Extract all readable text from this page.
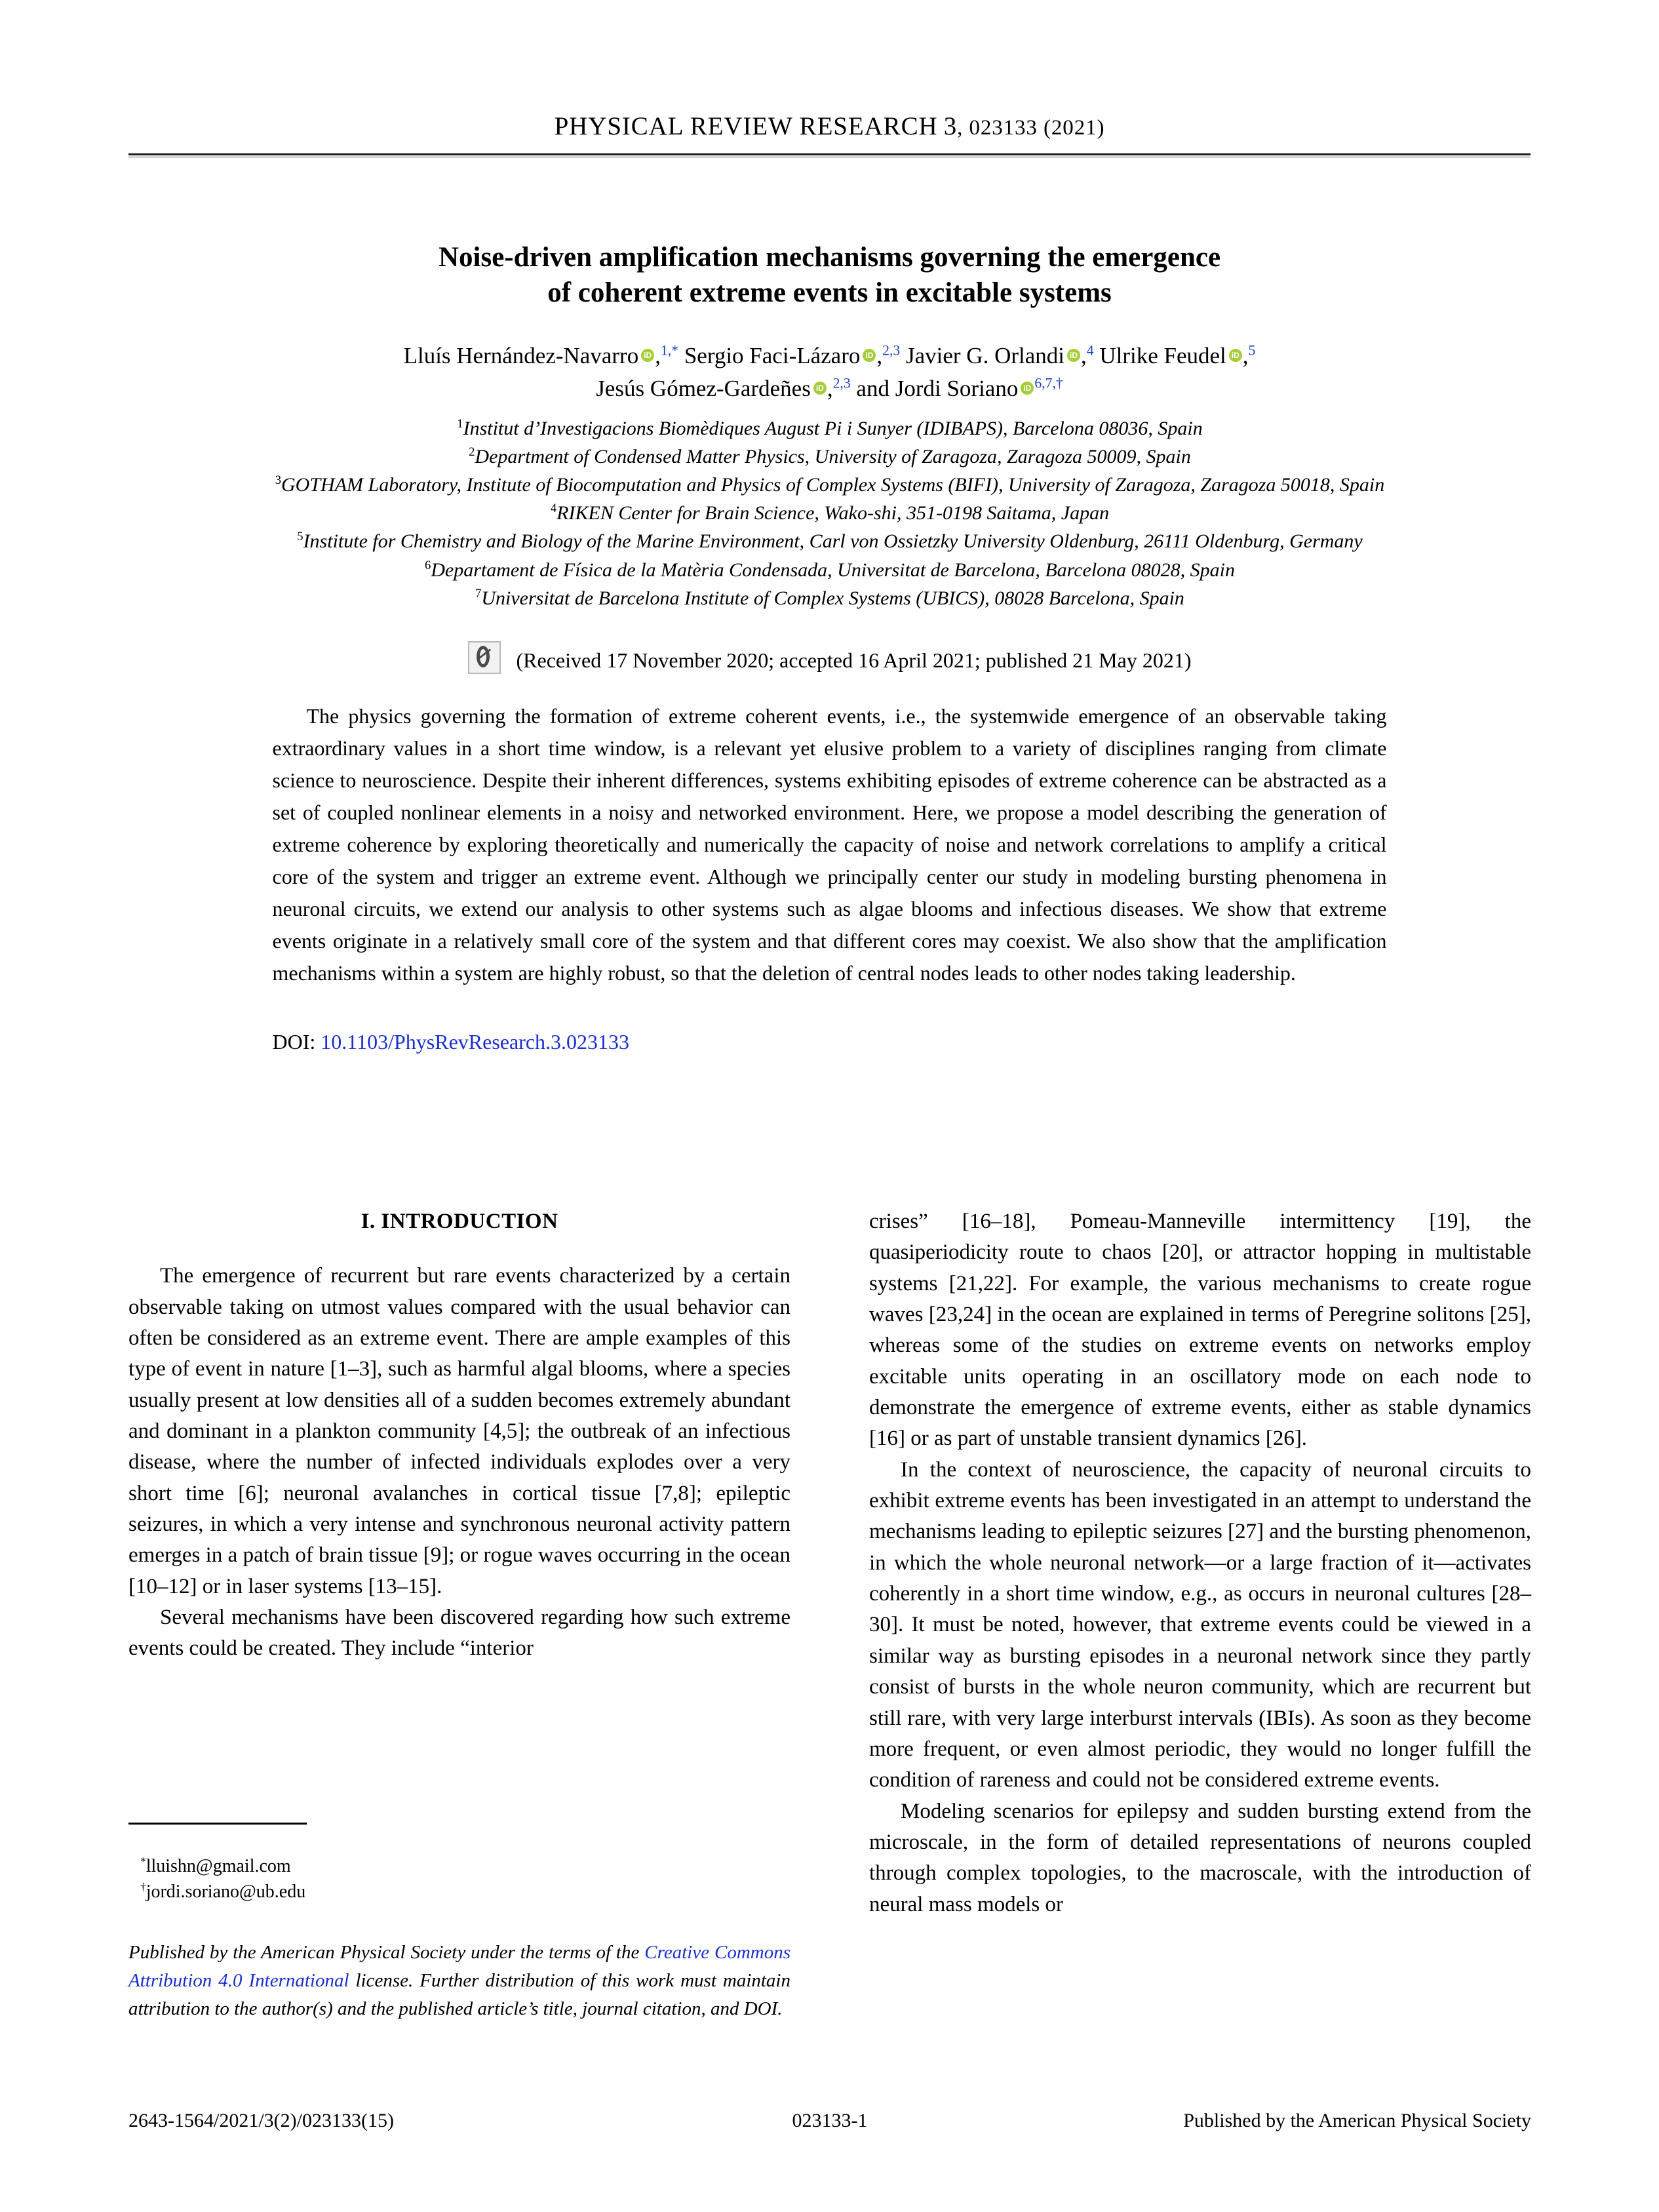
PHYSICAL REVIEW RESEARCH 3, 023133 (2021)
Noise-driven amplification mechanisms governing the emergence
of coherent extreme events in excitable systems
Lluís Hernández-Navarro iD ,$^{1,*}$ Sergio Faci-Lázaro iD ,$^{2,3}$ Javier G. Orlandi iD ,$^4$ Ulrike Feudel iD ,$^5$
Jesús Gómez-Gardeñes iD ,$^{2,3}$ and Jordi Soriano iD $^{6,7,\dagger}$
$^1$Institut d’Investigacions Biomèdiques August Pi i Sunyer (IDIBAPS), Barcelona 08036, Spain
$^2$Department of Condensed Matter Physics, University of Zaragoza, Zaragoza 50009, Spain
$^3$GOTHAM Laboratory, Institute of Biocomputation and Physics of Complex Systems (BIFI), University of Zaragoza, Zaragoza 50018, Spain
$^4$RIKEN Center for Brain Science, Wako-shi, 351-0198 Saitama, Japan
$^5$Institute for Chemistry and Biology of the Marine Environment, Carl von Ossietzky University Oldenburg, 26111 Oldenburg, Germany
$^6$Departament de Física de la Matèria Condensada, Universitat de Barcelona, Barcelona 08028, Spain
$^7$Universitat de Barcelona Institute of Complex Systems (UBICS), 08028 Barcelona, Spain
(Received 17 November 2020; accepted 16 April 2021; published 21 May 2021)
The physics governing the formation of extreme coherent events, i.e., the systemwide emergence of an observable taking extraordinary values in a short time window, is a relevant yet elusive problem to a variety of disciplines ranging from climate science to neuroscience. Despite their inherent differences, systems exhibiting episodes of extreme coherence can be abstracted as a set of coupled nonlinear elements in a noisy and networked environment. Here, we propose a model describing the generation of extreme coherence by exploring theoretically and numerically the capacity of noise and network correlations to amplify a critical core of the system and trigger an extreme event. Although we principally center our study in modeling bursting phenomena in neuronal circuits, we extend our analysis to other systems such as algae blooms and infectious diseases. We show that extreme events originate in a relatively small core of the system and that different cores may coexist. We also show that the amplification mechanisms within a system are highly robust, so that the deletion of central nodes leads to other nodes taking leadership.
DOI: 10.1103/PhysRevResearch.3.023133
I. INTRODUCTION

The emergence of recurrent but rare events characterized by a certain observable taking on utmost values compared with the usual behavior can often be considered as an extreme event. There are ample examples of this type of event in nature [1–3], such as harmful algal blooms, where a species usually present at low densities all of a sudden becomes extremely abundant and dominant in a plankton community [4,5]; the outbreak of an infectious disease, where the number of infected individuals explodes over a very short time [6]; neuronal avalanches in cortical tissue [7,8]; epileptic seizures, in which a very intense and synchronous neuronal activity pattern emerges in a patch of brain tissue [9]; or rogue waves occurring in the ocean [10–12] or in laser systems [13–15].

Several mechanisms have been discovered regarding how such extreme events could be created. They include “interior

crises” [16–18], Pomeau-Manneville intermittency [19], the quasiperiodicity route to chaos [20], or attractor hopping in multistable systems [21,22]. For example, the various mechanisms to create rogue waves [23,24] in the ocean are explained in terms of Peregrine solitons [25], whereas some of the studies on extreme events on networks employ excitable units operating in an oscillatory mode on each node to demonstrate the emergence of extreme events, either as stable dynamics [16] or as part of unstable transient dynamics [26].

In the context of neuroscience, the capacity of neuronal circuits to exhibit extreme events has been investigated in an attempt to understand the mechanisms leading to epileptic seizures [27] and the bursting phenomenon, in which the whole neuronal network—or a large fraction of it—activates coherently in a short time window, e.g., as occurs in neuronal cultures [28–30]. It must be noted, however, that extreme events could be viewed in a similar way as bursting episodes in a neuronal network since they partly consist of bursts in the whole neuron community, which are recurrent but still rare, with very large interburst intervals (IBIs). As soon as they become more frequent, or even almost periodic, they would no longer fulfill the condition of rareness and could not be considered extreme events.

Modeling scenarios for epilepsy and sudden bursting extend from the microscale, in the form of detailed representations of neurons coupled through complex topologies, to the macroscale, with the introduction of neural mass models or

*lluishn@gmail.com
†jordi.soriano@ub.edu
Published by the American Physical Society under the terms of the Creative Commons Attribution 4.0 International license. Further distribution of this work must maintain attribution to the author(s) and the published article’s title, journal citation, and DOI.
2643-1564/2021/3(2)/023133(15)	023133-1	Published by the American Physical Society
